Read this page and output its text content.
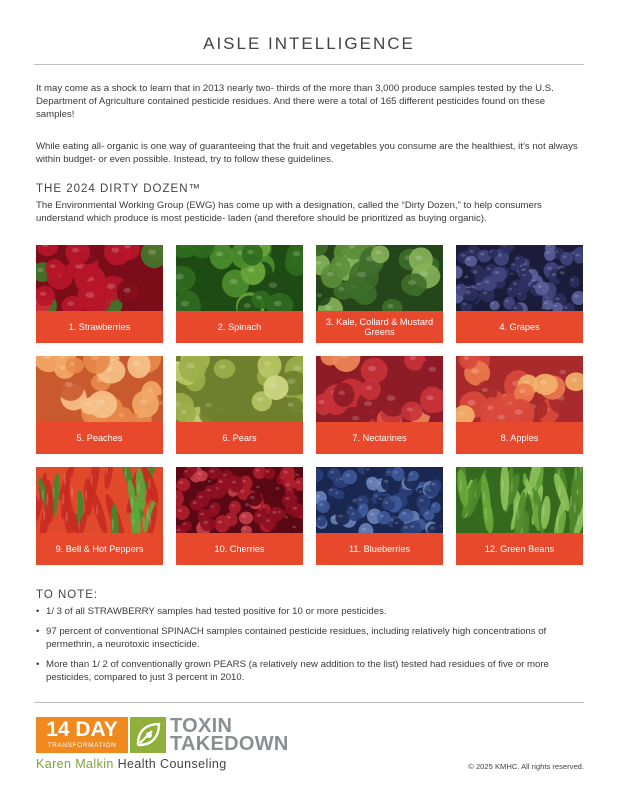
AISLE INTELLIGENCE

It may come as a shock to learn that in 2013 nearly two- thirds of the more than 3,000 produce samples tested by the U.S. Department of Agriculture contained pesticide residues. And there were a total of 165 different pesticides found on these samples!

While eating all- organic is one way of guaranteeing that the fruit and vegetables you consume are the healthiest, it’s not always within budget- or even possible. Instead, try to follow these guidelines.

THE 2024 DIRTY DOZEN™

The Environmental Working Group (EWG) has come up with a designation, called the “Dirty Dozen,” to help consumers understand which produce is most pesticide- laden (and therefore should be prioritized as buying organic).

1. Strawberries	2. Spinach
3. Kale, Collard & Mustard Greens
4. Grapes
5. Peaches	6. Pears	7. Nectarines	8. Apples
9. Bell & Hot Peppers	10. Cherries	11. Blueberries	12. Green Beans
TO NOTE:
• 1/ 3 of all STRAWBERRY samples had tested positive for 10 or more pesticides.
• 97 percent of conventional SPINACH samples contained pesticide residues, including relatively high concentrations of permethrin, a neurotoxic insecticide.
• More than 1/ 2 of conventionally grown PEARS (a relatively new addition to the list) tested had residues of five or more pesticides, compared to just 3 percent in 2010.
14 DAY
TRANSFORMATION
TOXIN
TAKEDOWN
Karen Malkin Health Counseling	© 2025 KMHC. All rights reserved.
